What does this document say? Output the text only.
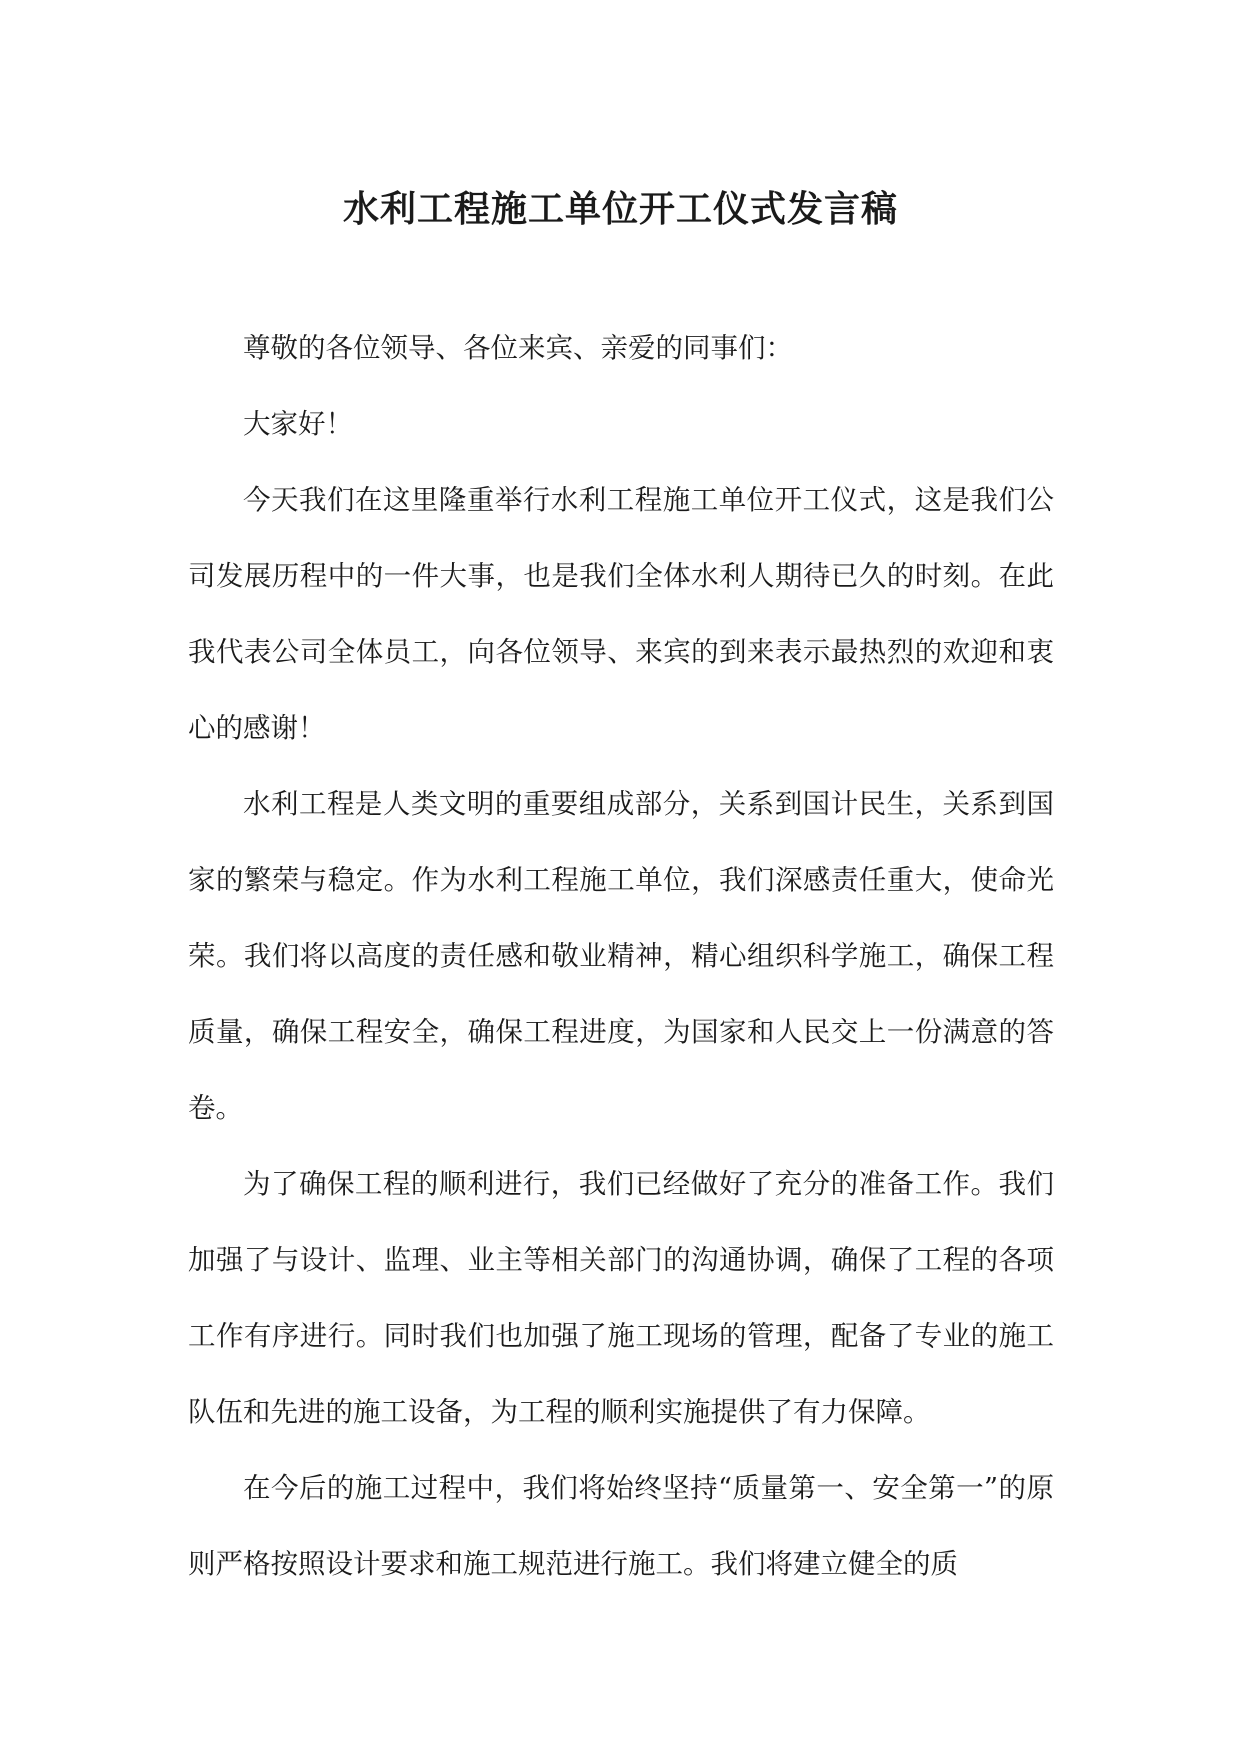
水利工程施工单位开工仪式发言稿

尊敬的各位领导、各位来宾、亲爱的同事们：

大家好！

今天我们在这里隆重举行水利工程施工单位开工仪式，这是我们公司发展历程中的一件大事，也是我们全体水利人期待已久的时刻。在此我代表公司全体员工，向各位领导、来宾的到来表示最热烈的欢迎和衷心的感谢！

水利工程是人类文明的重要组成部分，关系到国计民生，关系到国家的繁荣与稳定。作为水利工程施工单位，我们深感责任重大，使命光荣。我们将以高度的责任感和敬业精神，精心组织科学施工，确保工程质量，确保工程安全，确保工程进度，为国家和人民交上一份满意的答卷。

为了确保工程的顺利进行，我们已经做好了充分的准备工作。我们加强了与设计、监理、业主等相关部门的沟通协调，确保了工程的各项工作有序进行。同时我们也加强了施工现场的管理，配备了专业的施工队伍和先进的施工设备，为工程的顺利实施提供了有力保障。

在今后的施工过程中，我们将始终坚持“质量第一、安全第一”的原则严格按照设计要求和施工规范进行施工。我们将建立健全的质
